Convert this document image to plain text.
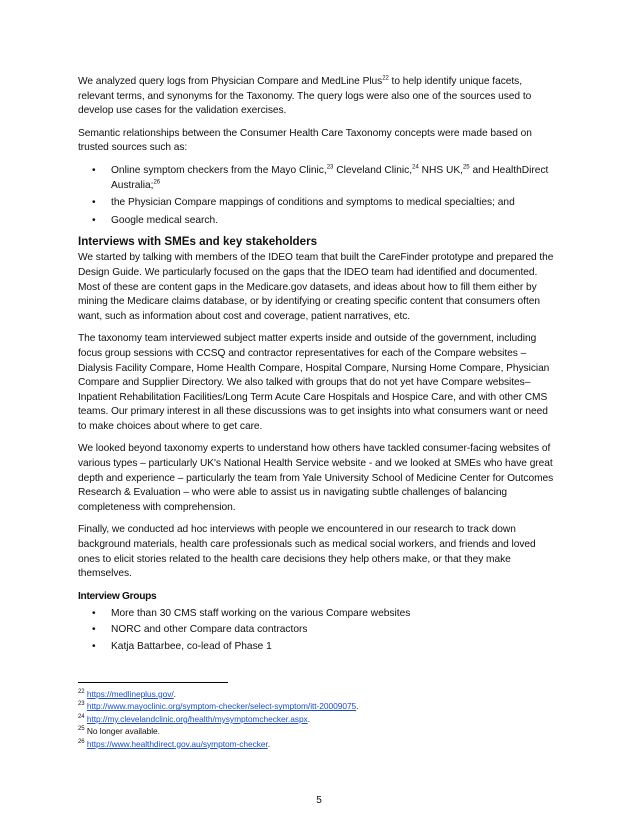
We analyzed query logs from Physician Compare and MedLine Plus$^{22}$ to help identify unique facets, relevant terms, and synonyms for the Taxonomy. The query logs were also one of the sources used to develop use cases for the validation exercises.

Semantic relationships between the Consumer Health Care Taxonomy concepts were made based on trusted sources such as:

• Online symptom checkers from the Mayo Clinic,$^{23}$ Cleveland Clinic,$^{24}$ NHS UK,$^{25}$ and HealthDirect Australia;$^{26}$
• the Physician Compare mappings of conditions and symptoms to medical specialties; and
• Google medical search.
Interviews with SMEs and key stakeholders

We started by talking with members of the IDEO team that built the CareFinder prototype and prepared the Design Guide. We particularly focused on the gaps that the IDEO team had identified and documented. Most of these are content gaps in the Medicare.gov datasets, and ideas about how to fill them either by mining the Medicare claims database, or by identifying or creating specific content that consumers often want, such as information about cost and coverage, patient narratives, etc.

The taxonomy team interviewed subject matter experts inside and outside of the government, including focus group sessions with CCSQ and contractor representatives for each of the Compare websites – Dialysis Facility Compare, Home Health Compare, Hospital Compare, Nursing Home Compare, Physician Compare and Supplier Directory. We also talked with groups that do not yet have Compare websites– Inpatient Rehabilitation Facilities/Long Term Acute Care Hospitals and Hospice Care, and with other CMS teams. Our primary interest in all these discussions was to get insights into what consumers want or need to make choices about where to get care.

We looked beyond taxonomy experts to understand how others have tackled consumer-facing websites of various types – particularly UK's National Health Service website - and we looked at SMEs who have great depth and experience – particularly the team from Yale University School of Medicine Center for Outcomes Research & Evaluation – who were able to assist us in navigating subtle challenges of balancing completeness with comprehension.

Finally, we conducted ad hoc interviews with people we encountered in our research to track down background materials, health care professionals such as medical social workers, and friends and loved ones to elicit stories related to the health care decisions they help others make, or that they make themselves.

Interview Groups
• More than 30 CMS staff working on the various Compare websites
• NORC and other Compare data contractors
• Katja Battarbee, co-lead of Phase 1

$^{22}$ https://medlineplus.gov/.

$^{23}$ http://www.mayoclinic.org/symptom-checker/select-symptom/itt-20009075.

$^{24}$ http://my.clevelandclinic.org/health/mysymptomchecker.aspx.

$^{25}$ No longer available.

$^{26}$ https://www.healthdirect.gov.au/symptom-checker.

5
